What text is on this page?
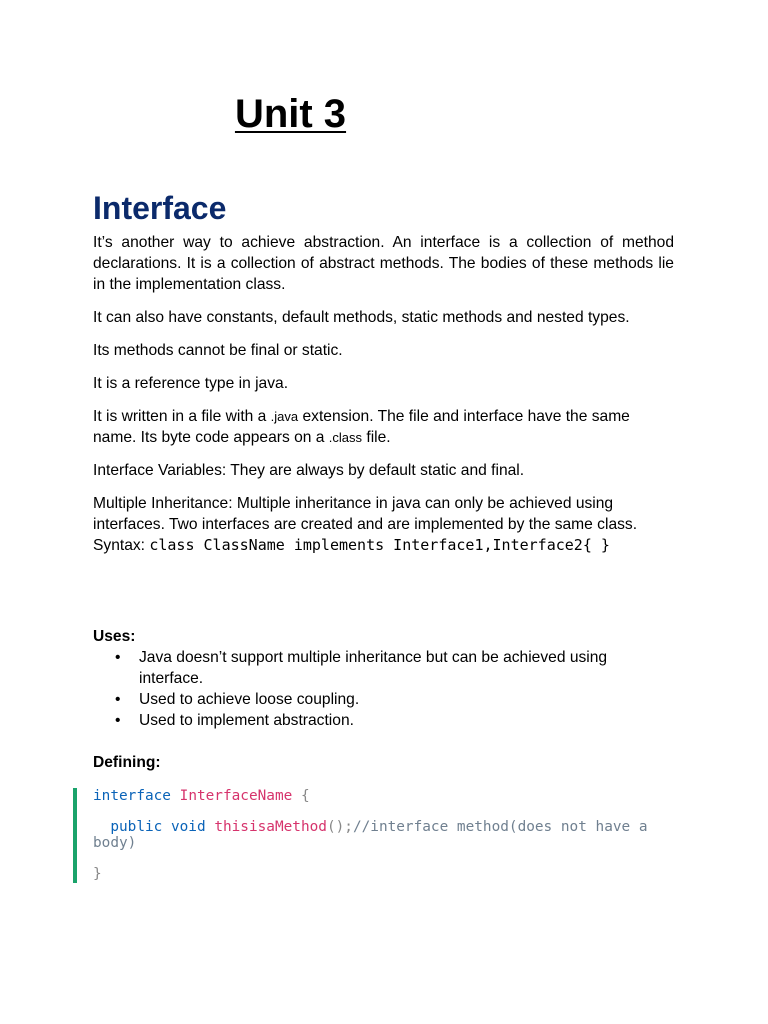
Unit 3
Interface

It’s another way to achieve abstraction. An interface is a collection of method declarations. It is a collection of abstract methods. The bodies of these methods lie in the implementation class.

It can also have constants, default methods, static methods and nested types.

Its methods cannot be final or static.

It is a reference type in java.

It is written in a file with a .java extension. The file and interface have the same name. Its byte code appears on a .class file.

Interface Variables: They are always by default static and final.

Multiple Inheritance: Multiple inheritance in java can only be achieved using interfaces. Two interfaces are created and are implemented by the same class. Syntax: class ClassName implements Interface1,Interface2{ }

Uses:

• Java doesn’t support multiple inheritance but can be achieved using interface.
• Used to achieve loose coupling.
• Used to implement abstraction.

Defining:

interface InterfaceName {

public void thisisaMethod();//interface method(does not have a body)

}
